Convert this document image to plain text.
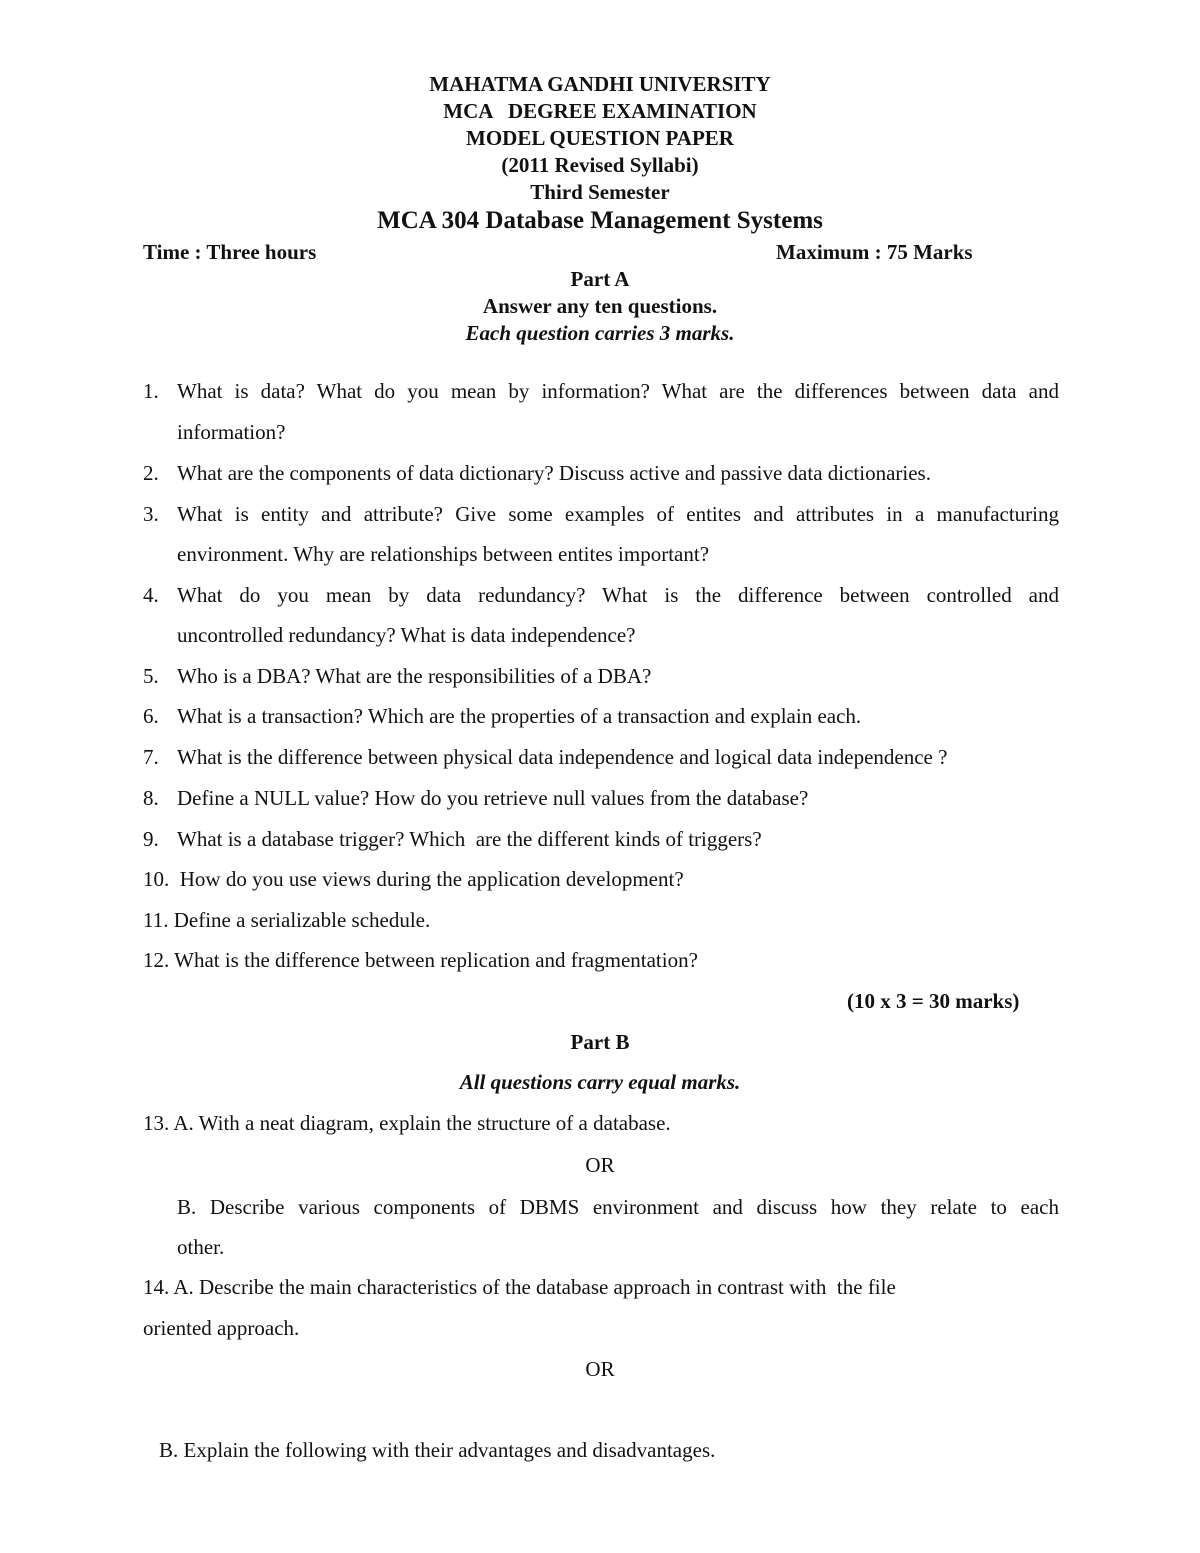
MAHATMA GANDHI UNIVERSITY
MCA   DEGREE EXAMINATION
MODEL QUESTION PAPER
(2011 Revised Syllabi)
Third Semester
MCA 304 Database Management Systems
Time : Three hours	Maximum : 75 Marks
Part A
Answer any ten questions.
Each question carries 3 marks.
1. What is data? What do you mean by information? What are the differences between data and
information?
2. What are the components of data dictionary? Discuss active and passive data dictionaries.
3. What is entity and attribute? Give some examples of entites and attributes in a manufacturing
environment. Why are relationships between entites important?
4. What do you mean by data redundancy? What is the difference between controlled and
uncontrolled redundancy? What is data independence?
5. Who is a DBA? What are the responsibilities of a DBA?
6. What is a transaction? Which are the properties of a transaction and explain each.
7. What is the difference between physical data independence and logical data independence ?
8. Define a NULL value? How do you retrieve null values from the database?
9. What is a database trigger? Which  are the different kinds of triggers?
10.  How do you use views during the application development?
11. Define a serializable schedule.
12. What is the difference between replication and fragmentation?
(10 x 3 = 30 marks)
Part B
All questions carry equal marks.
13. A. With a neat diagram, explain the structure of a database.
OR
B. Describe various components of DBMS environment and discuss how they relate to each
other.
14. A. Describe the main characteristics of the database approach in contrast with  the file
oriented approach.
OR
B. Explain the following with their advantages and disadvantages.
